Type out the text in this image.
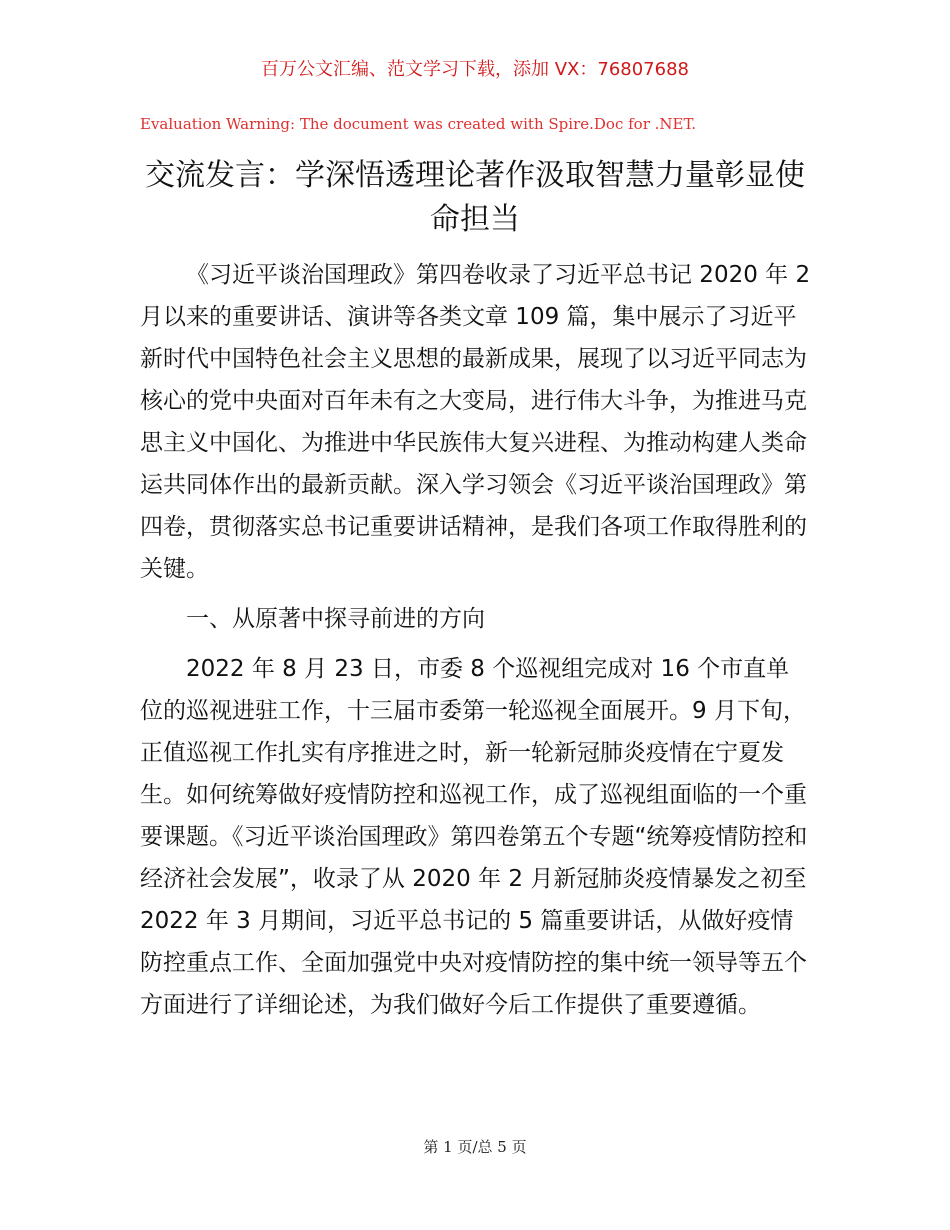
百万公文汇编、范文学习下载，添加 VX：76807688
Evaluation Warning: The document was created with Spire.Doc for .NET.
交流发言：学深悟透理论著作汲取智慧力量彰显使命担当

《习近平谈治国理政》第四卷收录了习近平总书记 2020 年 2 月以来的重要讲话、演讲等各类文章 109 篇，集中展示了习近平新时代中国特色社会主义思想的最新成果，展现了以习近平同志为核心的党中央面对百年未有之大变局，进行伟大斗争，为推进马克思主义中国化、为推进中华民族伟大复兴进程、为推动构建人类命运共同体作出的最新贡献。深入学习领会《习近平谈治国理政》第四卷，贯彻落实总书记重要讲话精神，是我们各项工作取得胜利的关键。

一、从原著中探寻前进的方向

2022 年 8 月 23 日，市委 8 个巡视组完成对 16 个市直单位的巡视进驻工作，十三届市委第一轮巡视全面展开。9 月下旬，正值巡视工作扎实有序推进之时，新一轮新冠肺炎疫情在宁夏发生。如何统筹做好疫情防控和巡视工作，成了巡视组面临的一个重要课题。《习近平谈治国理政》第四卷第五个专题“统筹疫情防控和经济社会发展”，收录了从 2020 年 2 月新冠肺炎疫情暴发之初至 2022 年 3 月期间，习近平总书记的 5 篇重要讲话，从做好疫情防控重点工作、全面加强党中央对疫情防控的集中统一领导等五个方面进行了详细论述，为我们做好今后工作提供了重要遵循。

第 1 页/总 5 页
